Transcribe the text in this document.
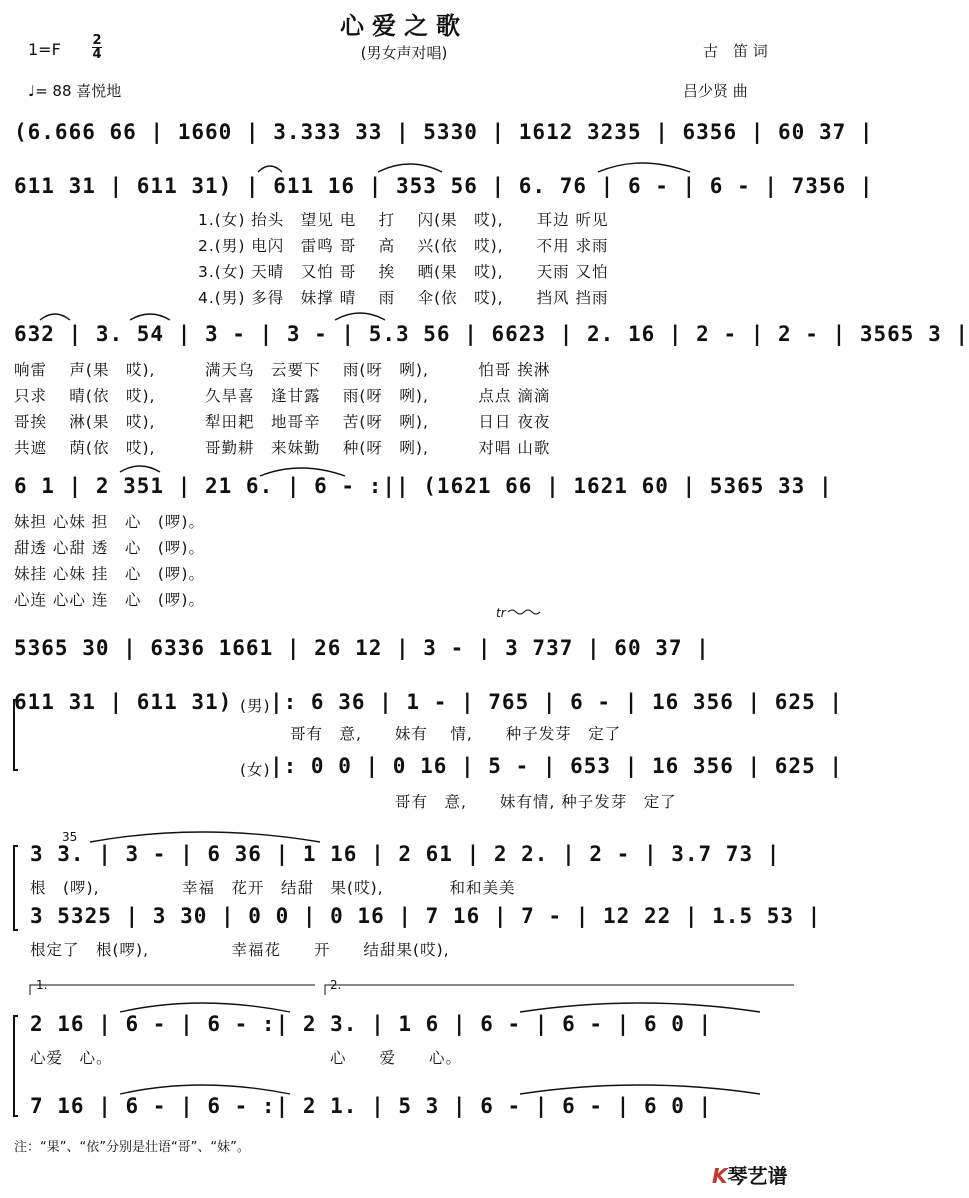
心爱之歌
(男女声对唱)
1=F 2
4
♩= 88 喜悦地
古　笛 词
吕少贤 曲
(6.666 66 | 1660 | 3.333 33 | 5330 | 1612 3235 | 6356 | 60 37 |
611 31 | 611 31) | 611 16 | 353 56 | 6. 76 | 6 - | 6 - | 7356 |
1.(女) 抬头　望见 电　 打　 闪(果　哎),　　耳边 听见
2.(男) 电闪　雷鸣 哥　 高　 兴(依　哎),　　不用 求雨
3.(女) 天晴　又怕 哥　 挨　 晒(果　哎),　　天雨 又怕
4.(男) 多得　妹撑 晴　 雨　 伞(依　哎),　　挡风 挡雨
632 | 3. 54 | 3 - | 3 - | 5.3 56 | 6623 | 2. 16 | 2 - | 2 - | 3565 3 |
响雷　 声(果　哎),　　　满天乌　云要下　 雨(呀　咧),　　　怕哥 挨淋
只求　 晴(依　哎),　　　久旱喜　逢甘露　 雨(呀　咧),　　　点点 滴滴
哥挨　 淋(果　哎),　　　犁田耙　地哥辛　 苦(呀　咧),　　　日日 夜夜
共遮　 荫(依　哎),　　　哥勤耕　来妹勤　 种(呀　咧),　　　对唱 山歌
6 1 | 2 351 | 21 6. | 6 - :|| (1621 66 | 1621 60 | 5365 33 |
妹担 心妹 担　心　(啰)。
甜透 心甜 透　心　(啰)。
妹挂 心妹 挂　心　(啰)。
心连 心心 连　心　(啰)。
tr
5365 30 | 6336 1661 | 26 12 | 3 - | 3 737 | 60 37 |
611 31 | 611 31) (男) |: 6 36 | 1 - | 765 | 6 - | 16 356 | 625 |
哥有　意,　　妹有　 情,　　种子发芽　定了
(女) |: 0 0 | 0 16 | 5 - | 653 | 16 356 | 625 |
哥有　意,　　妹有情, 种子发芽　定了
35
3 3. | 3 - | 6 36 | 1 16 | 2 61 | 2 2. | 2 - | 3.7 73 |
根　(啰),　　　　　幸福　花开　结甜　果(哎),　　　　和和美美
3 5325 | 3 30 | 0 0 | 0 16 | 7 16 | 7 - | 12 22 | 1.5 53 |
根定了　根(啰),　　　　　幸福花　　开　　结甜果(哎),
1.	2.
2 16 | 6 - | 6 - :| 2 3. | 1 6 | 6 - | 6 - | 6 0 |
心爱　心。	心　　爱　　心。
7 16 | 6 - | 6 - :| 2 1. | 5 3 | 6 - | 6 - | 6 0 |
注：“果”、“依”分别是壮语“哥”、“妹”。
K琴艺谱
